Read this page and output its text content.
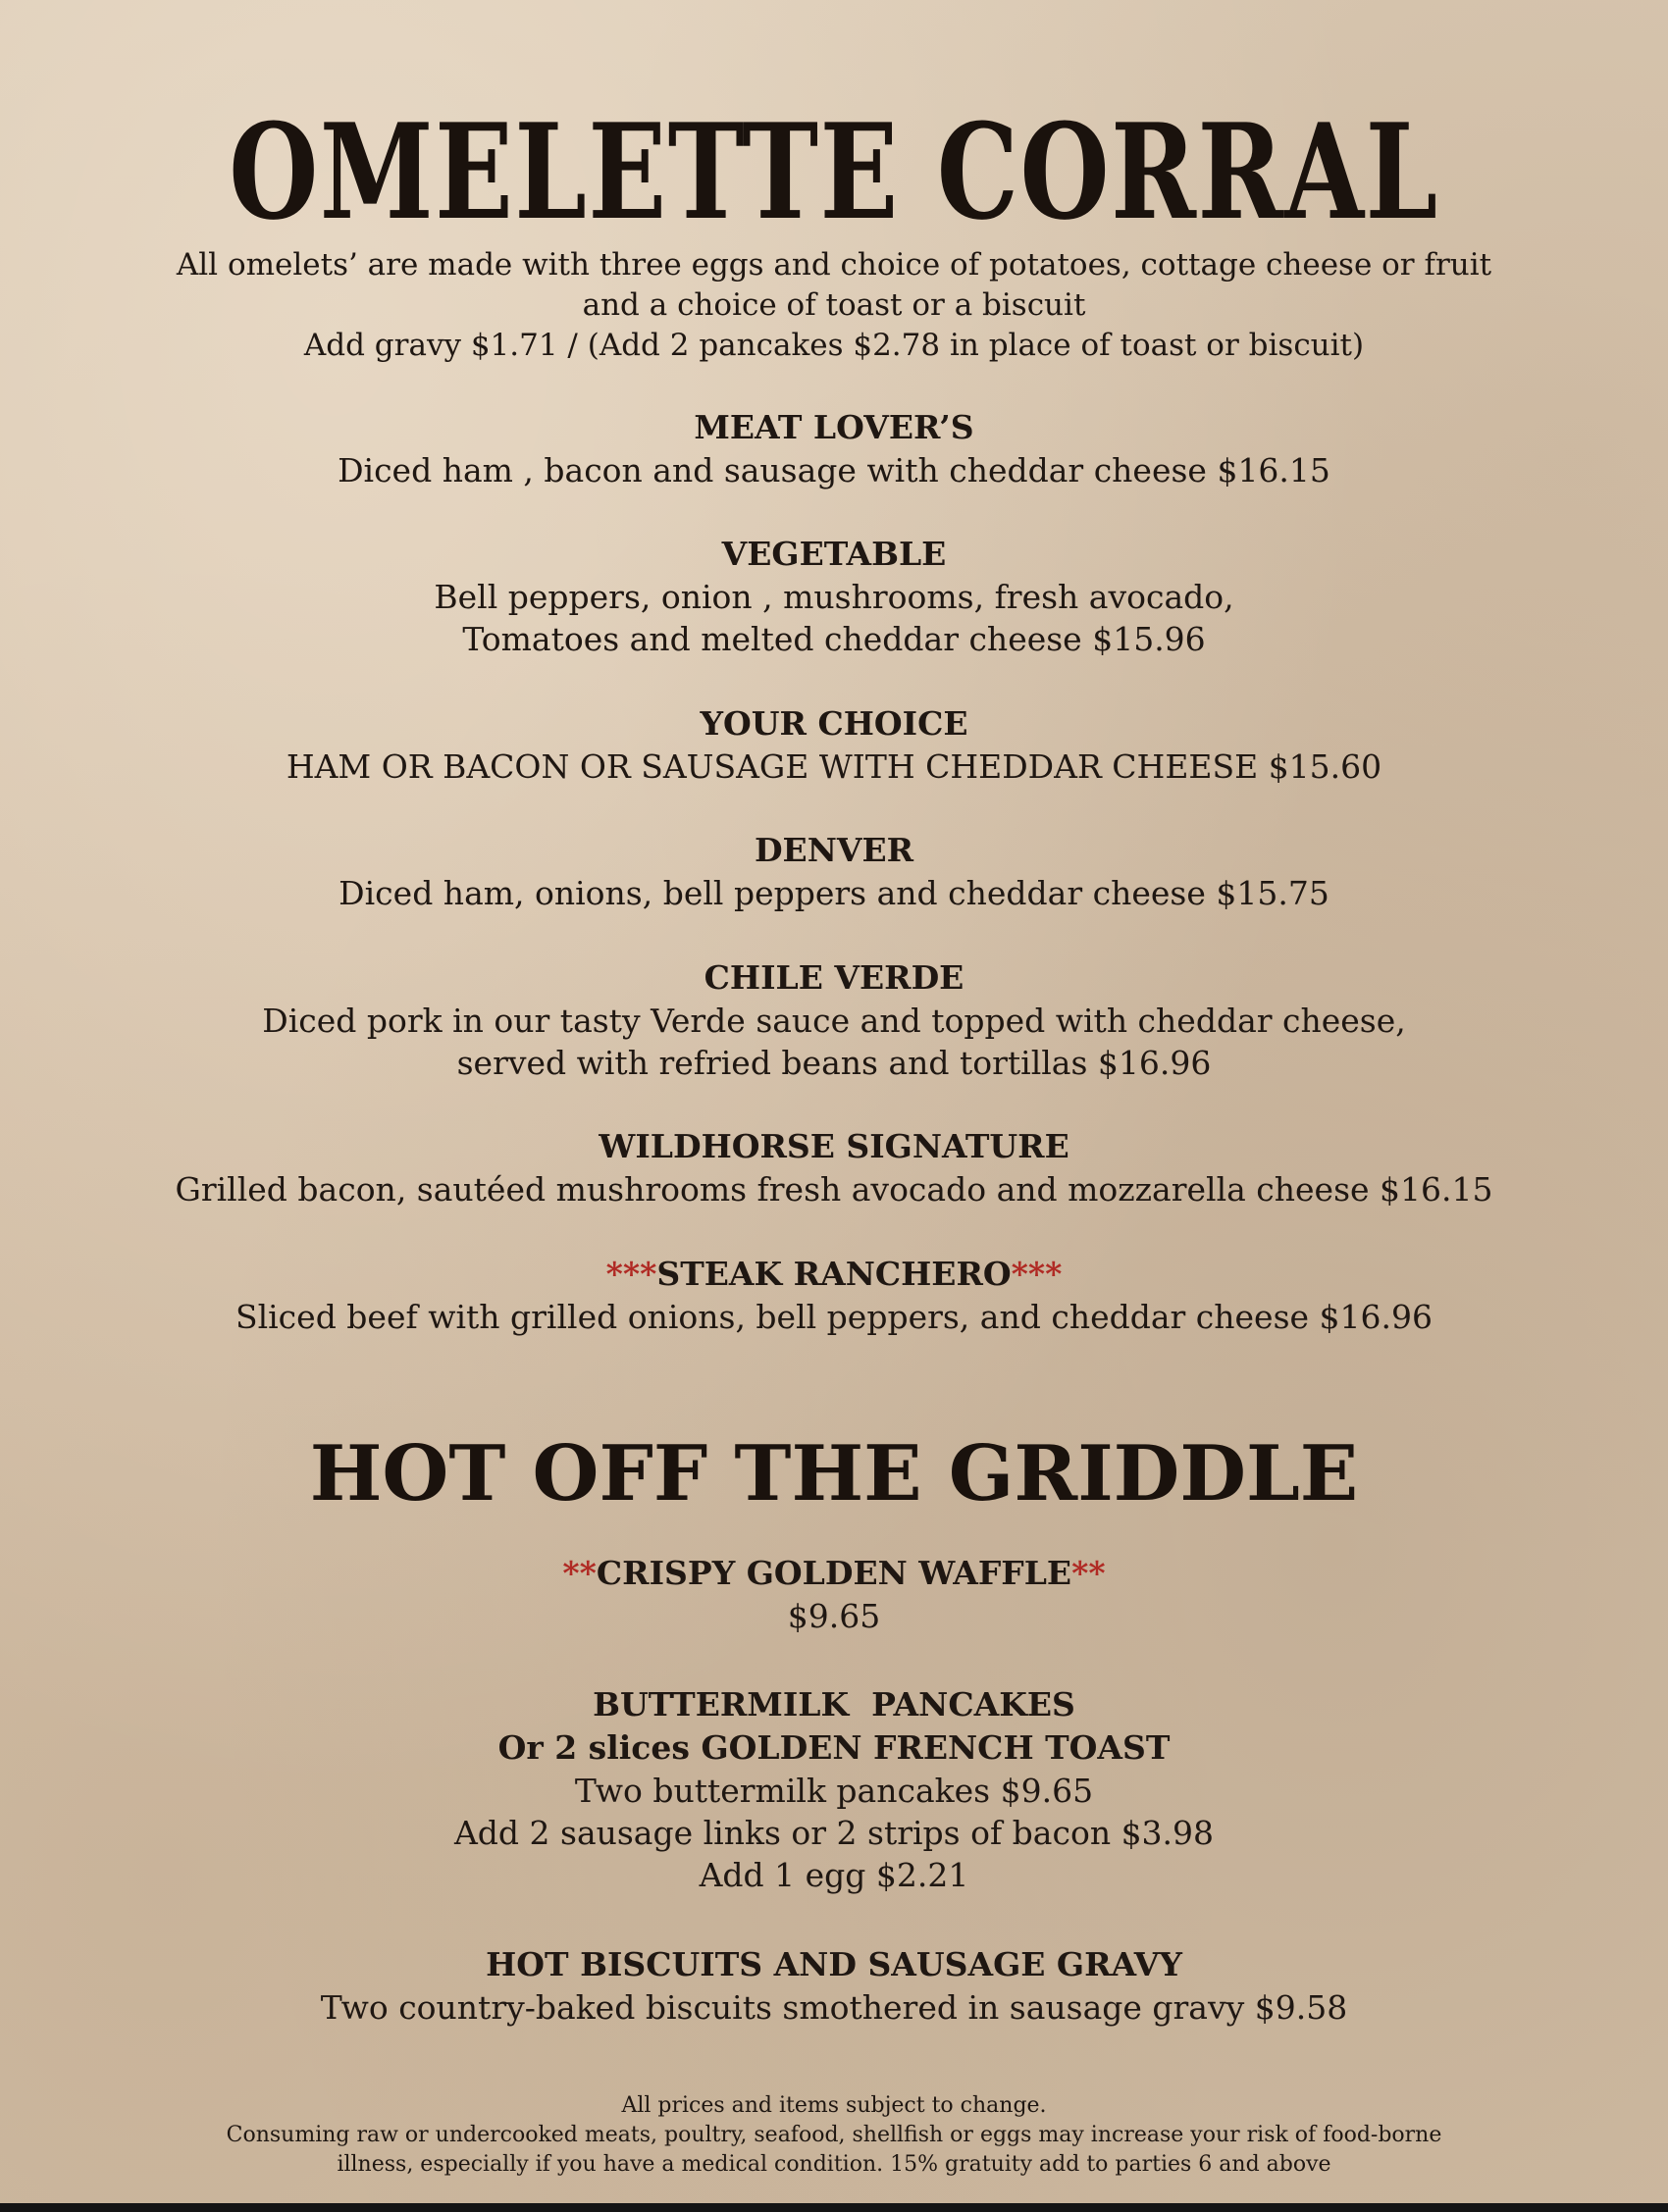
OMELETTE CORRAL
All omelets’ are made with three eggs and choice of potatoes, cottage cheese or fruit
and a choice of toast or a biscuit
Add gravy $1.71 / (Add 2 pancakes $2.78 in place of toast or biscuit)
MEAT LOVER’S
Diced ham , bacon and sausage with cheddar cheese $16.15
VEGETABLE
Bell peppers, onion , mushrooms, fresh avocado,
Tomatoes and melted cheddar cheese $15.96
YOUR CHOICE
HAM OR BACON OR SAUSAGE WITH CHEDDAR CHEESE $15.60
DENVER
Diced ham, onions, bell peppers and cheddar cheese $15.75
CHILE VERDE
Diced pork in our tasty Verde sauce and topped with cheddar cheese,
served with refried beans and tortillas $16.96
WILDHORSE SIGNATURE
Grilled bacon, sautéed mushrooms fresh avocado and mozzarella cheese $16.15
***STEAK RANCHERO***
Sliced beef with grilled onions, bell peppers, and cheddar cheese $16.96
HOT OFF THE GRIDDLE
**CRISPY GOLDEN WAFFLE**
$9.65
BUTTERMILK  PANCAKES
Or 2 slices GOLDEN FRENCH TOAST
Two buttermilk pancakes $9.65
Add 2 sausage links or 2 strips of bacon $3.98
Add 1 egg $2.21
HOT BISCUITS AND SAUSAGE GRAVY
Two country-baked biscuits smothered in sausage gravy $9.58
All prices and items subject to change.
Consuming raw or undercooked meats, poultry, seafood, shellfish or eggs may increase your risk of food-borne
illness, especially if you have a medical condition. 15% gratuity add to parties 6 and above
